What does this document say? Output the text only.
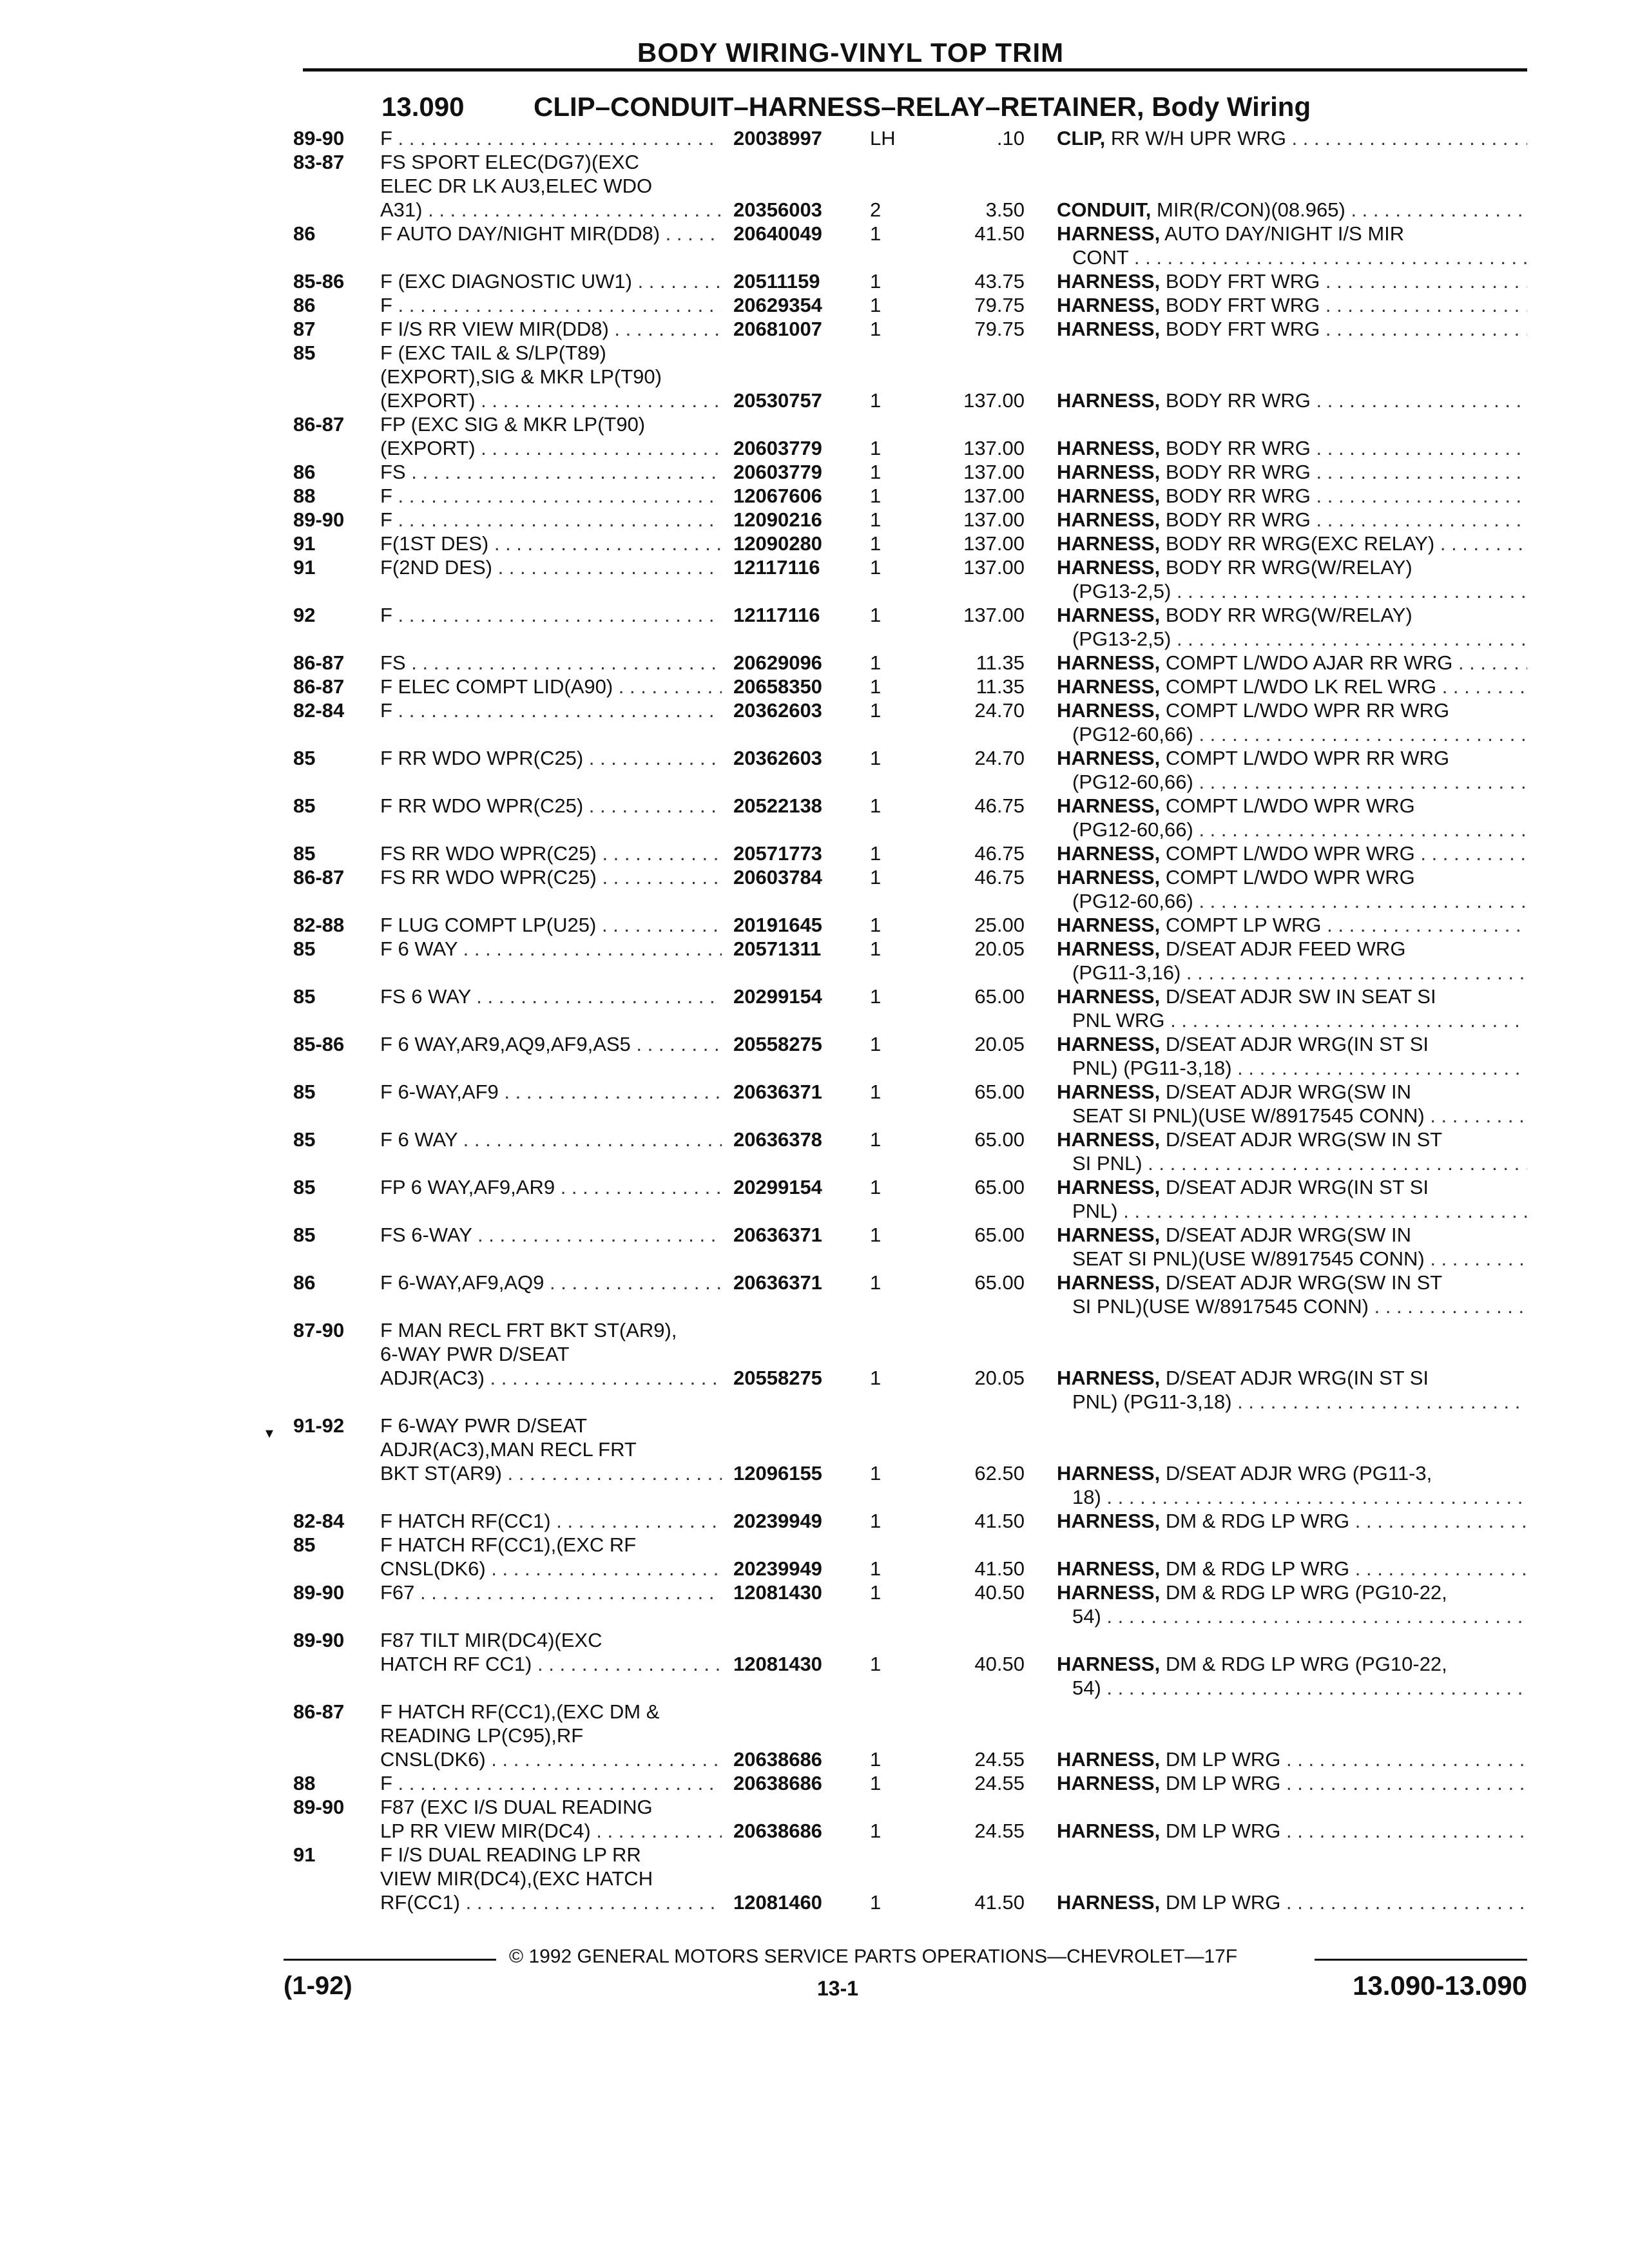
BODY WIRING-VINYL TOP TRIM
13.090	CLIP–CONDUIT–HARNESS–RELAY–RETAINER, Body Wiring
89-90	F . . .	20038997	LH	.10 CLIP, RR W/H UPR WRG . . .
83-87	FS SPORT ELEC(DG7)(EXC
ELEC DR LK AU3,ELEC WDO
A31) . . .	20356003	2	3.50 CONDUIT, MIR(R/CON)(08.965) . . .
86	F AUTO DAY/NIGHT MIR(DD8) . . .	20640049	1	41.50 HARNESS, AUTO DAY/NIGHT I/S MIR
CONT . . .
85-86	F (EXC DIAGNOSTIC UW1) . . .	20511159	1	43.75 HARNESS, BODY FRT WRG . . .
86	F . . .	20629354	1	79.75 HARNESS, BODY FRT WRG . . .
87	F I/S RR VIEW MIR(DD8) . . .	20681007	1	79.75 HARNESS, BODY FRT WRG . . .
85	F (EXC TAIL & S/LP(T89)
(EXPORT),SIG & MKR LP(T90)
(EXPORT) . . .	20530757	1	137.00 HARNESS, BODY RR WRG . . .
86-87	FP (EXC SIG & MKR LP(T90)
(EXPORT) . . .	20603779	1	137.00 HARNESS, BODY RR WRG . . .
86	FS . . .	20603779	1	137.00 HARNESS, BODY RR WRG . . .
88	F . . .	12067606	1	137.00 HARNESS, BODY RR WRG . . .
89-90	F . . .	12090216	1	137.00 HARNESS, BODY RR WRG . . .
91	F(1ST DES) . . .	12090280	1	137.00 HARNESS, BODY RR WRG(EXC RELAY) . . .
91	F(2ND DES) . . .	12117116	1	137.00 HARNESS, BODY RR WRG(W/RELAY)
(PG13-2,5) . . .
92	F . . .	12117116	1	137.00 HARNESS, BODY RR WRG(W/RELAY)
(PG13-2,5) . . .
86-87	FS . . .	20629096	1	11.35 HARNESS, COMPT L/WDO AJAR RR WRG . . .
86-87	F ELEC COMPT LID(A90) . . .	20658350	1	11.35 HARNESS, COMPT L/WDO LK REL WRG . . .
82-84	F . . .	20362603	1	24.70 HARNESS, COMPT L/WDO WPR RR WRG
(PG12-60,66) . . .
85	F RR WDO WPR(C25) . . .	20362603	1	24.70 HARNESS, COMPT L/WDO WPR RR WRG
(PG12-60,66) . . .
85	F RR WDO WPR(C25) . . .	20522138	1	46.75 HARNESS, COMPT L/WDO WPR WRG
(PG12-60,66) . . .
85	FS RR WDO WPR(C25) . . .	20571773	1	46.75 HARNESS, COMPT L/WDO WPR WRG . . .
86-87	FS RR WDO WPR(C25) . . .	20603784	1	46.75 HARNESS, COMPT L/WDO WPR WRG
(PG12-60,66) . . .
82-88	F LUG COMPT LP(U25) . . .	20191645	1	25.00 HARNESS, COMPT LP WRG . . .
85	F 6 WAY . . .	20571311	1	20.05 HARNESS, D/SEAT ADJR FEED WRG
(PG11-3,16) . . .
85	FS 6 WAY . . .	20299154	1	65.00 HARNESS, D/SEAT ADJR SW IN SEAT SI
PNL WRG . . .
85-86	F 6 WAY,AR9,AQ9,AF9,AS5 . . .	20558275	1	20.05 HARNESS, D/SEAT ADJR WRG(IN ST SI
PNL) (PG11-3,18) . . .
85	F 6-WAY,AF9 . . .	20636371	1	65.00 HARNESS, D/SEAT ADJR WRG(SW IN
SEAT SI PNL)(USE W/8917545 CONN) . . .
85	F 6 WAY . . .	20636378	1	65.00 HARNESS, D/SEAT ADJR WRG(SW IN ST
SI PNL) . . .
85	FP 6 WAY,AF9,AR9 . . .	20299154	1	65.00 HARNESS, D/SEAT ADJR WRG(IN ST SI
PNL) . . .
85	FS 6-WAY . . .	20636371	1	65.00 HARNESS, D/SEAT ADJR WRG(SW IN
SEAT SI PNL)(USE W/8917545 CONN) . . .
86	F 6-WAY,AF9,AQ9 . . .	20636371	1	65.00 HARNESS, D/SEAT ADJR WRG(SW IN ST
SI PNL)(USE W/8917545 CONN) . . .
87-90	F MAN RECL FRT BKT ST(AR9),
6-WAY PWR D/SEAT
ADJR(AC3) . . .	20558275	1	20.05 HARNESS, D/SEAT ADJR WRG(IN ST SI
PNL) (PG11-3,18) . . .
91-92	F 6-WAY PWR D/SEAT
ADJR(AC3),MAN RECL FRT
BKT ST(AR9) . . .	12096155	1	62.50 HARNESS, D/SEAT ADJR WRG (PG11-3,
18) . . .
82-84	F HATCH RF(CC1) . . .	20239949	1	41.50 HARNESS, DM & RDG LP WRG . . .
85	F HATCH RF(CC1),(EXC RF
CNSL(DK6) . . .	20239949	1	41.50 HARNESS, DM & RDG LP WRG . . .
89-90	F67 . . .	12081430	1	40.50 HARNESS, DM & RDG LP WRG (PG10-22,
54) . . .
89-90	F87 TILT MIR(DC4)(EXC
HATCH RF CC1) . . .	12081430	1	40.50 HARNESS, DM & RDG LP WRG (PG10-22,
54) . . .
86-87	F HATCH RF(CC1),(EXC DM &
READING LP(C95),RF
CNSL(DK6) . . .	20638686	1	24.55 HARNESS, DM LP WRG . . .
88	F . . .	20638686	1	24.55 HARNESS, DM LP WRG . . .
89-90	F87 (EXC I/S DUAL READING
LP RR VIEW MIR(DC4) . . .	20638686	1	24.55 HARNESS, DM LP WRG . . .
91	F I/S DUAL READING LP RR
VIEW MIR(DC4),(EXC HATCH
RF(CC1) . . .	12081460	1	41.50 HARNESS, DM LP WRG . . .
▾
© 1992 GENERAL MOTORS SERVICE PARTS OPERATIONS—CHEVROLET—17F
(1-92)	13-1	13.090-13.090
